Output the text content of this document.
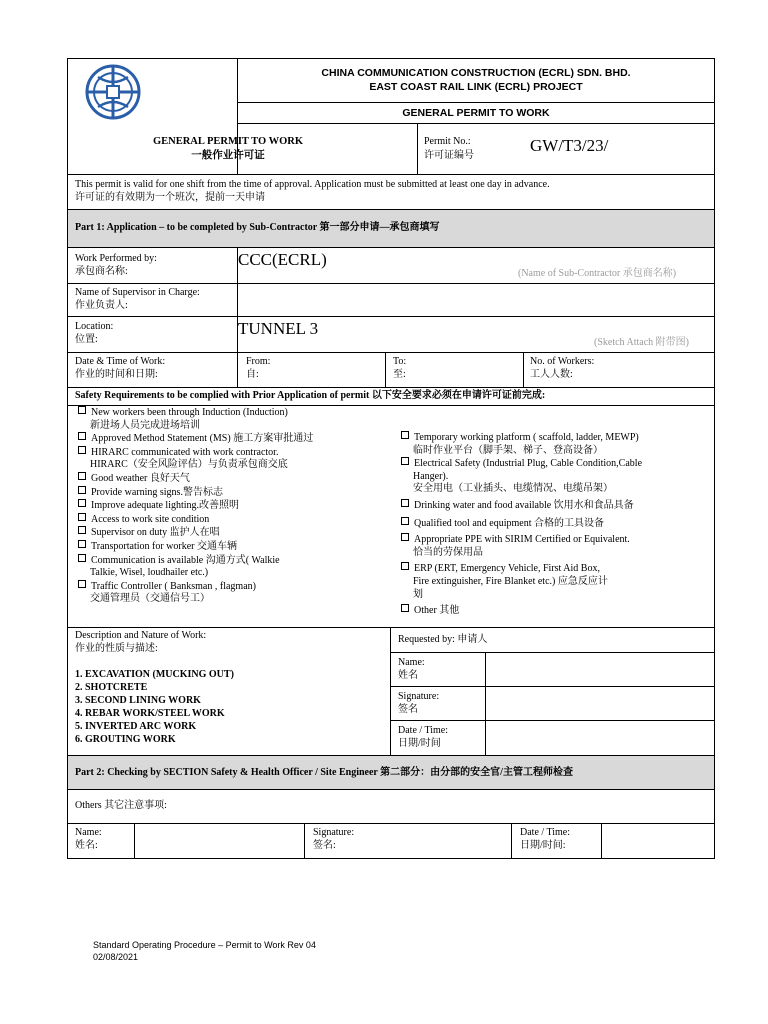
CHINA COMMUNICATION CONSTRUCTION (ECRL) SDN. BHD.
EAST COAST RAIL LINK (ECRL) PROJECT
GENERAL PERMIT TO WORK
GENERAL PERMIT TO WORK
一般作业许可证
Permit No.:
许可证编号
GW/T3/23/
This permit is valid for one shift from the time of approval. Application must be submitted at least one day in advance.
许可证的有效期为一个班次，提前一天申请
Part 1: Application – to be completed by Sub-Contractor 第一部分申请—承包商填写
Work Performed by:
承包商名称:
CCC(ECRL)
(Name of Sub-Contractor 承包商名称)
Name of Supervisor in Charge:
作业负责人:
Location:
位置:
TUNNEL 3
(Sketch Attach 附带图)
Date & Time of Work:
作业的时间和日期:
From:
自:
To:
至:
No. of Workers:
工人人数:
Safety Requirements to be complied with Prior Application of permit 以下安全要求必须在申请许可证前完成:
New workers been through Induction (Induction)
新进场人员完成进场培训
Approved Method Statement (MS) 施工方案审批通过
HIRARC communicated with work contractor.
HIRARC（安全风险评估）与负责承包商交底
Good weather 良好天气
Provide warning signs.警告标志
Improve adequate lighting.改善照明
Access to work site condition
Supervisor on duty 监护人在唱
Transportation for worker 交通车辆
Communication is available 沟通方式( Walkie
Talkie, Wisel, loudhailer etc.)
Traffic Controller ( Banksman , flagman)
交通管理员（交通信号工）
Temporary working platform ( scaffold, ladder, MEWP)
临时作业平台（脚手架、梯子、登高设备）
Electrical Safety (Industrial Plug, Cable Condition,Cable
Hanger).
安全用电（工业插头、电缆情况、电缆吊架）
Drinking water and food available 饮用水和食品具备
Qualified tool and equipment 合格的工具设备
Appropriate PPE with SIRIM Certified or Equivalent.
恰当的劳保用品
ERP (ERT, Emergency Vehicle, First Aid Box,
Fire extinguisher, Fire Blanket etc.) 应急反应计
划
Other 其他
Description and Nature of Work:
作业的性质与描述:
1. EXCAVATION (MUCKING OUT)
2. SHOTCRETE
3. SECOND LINING WORK
4. REBAR WORK/STEEL WORK
5. INVERTED ARC WORK
6. GROUTING WORK
Requested by: 申请人
Name:
姓名
Signature:
签名
Date / Time:
日期/时间
Part 2: Checking by SECTION Safety & Health Officer / Site Engineer 第二部分：由分部的安全官/主管工程师检查
Others 其它注意事项:
Name:
姓名:
Signature:
签名:
Date / Time:
日期/时间:
Standard Operating Procedure – Permit to Work Rev 04
02/08/2021
